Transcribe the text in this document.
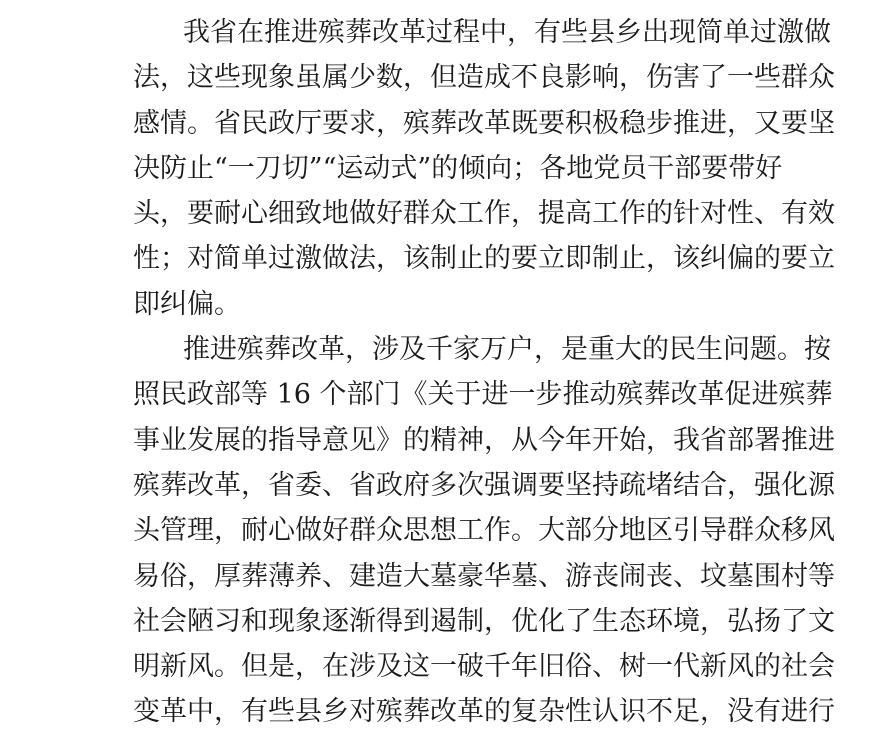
我省在推进殡葬改革过程中，有些县乡出现简单过激做
法，这些现象虽属少数，但造成不良影响，伤害了一些群众
感情。省民政厅要求，殡葬改革既要积极稳步推进，又要坚
决防止“一刀切”“运动式”的倾向；各地党员干部要带好
头，要耐心细致地做好群众工作，提高工作的针对性、有效
性；对简单过激做法，该制止的要立即制止，该纠偏的要立
即纠偏。
推进殡葬改革，涉及千家万户，是重大的民生问题。按
照民政部等 16 个部门《关于进一步推动殡葬改革促进殡葬
事业发展的指导意见》的精神，从今年开始，我省部署推进
殡葬改革，省委、省政府多次强调要坚持疏堵结合，强化源
头管理，耐心做好群众思想工作。大部分地区引导群众移风
易俗，厚葬薄养、建造大墓豪华墓、游丧闹丧、坟墓围村等
社会陋习和现象逐渐得到遏制，优化了生态环境，弘扬了文
明新风。但是，在涉及这一破千年旧俗、树一代新风的社会
变革中，有些县乡对殡葬改革的复杂性认识不足，没有进行
